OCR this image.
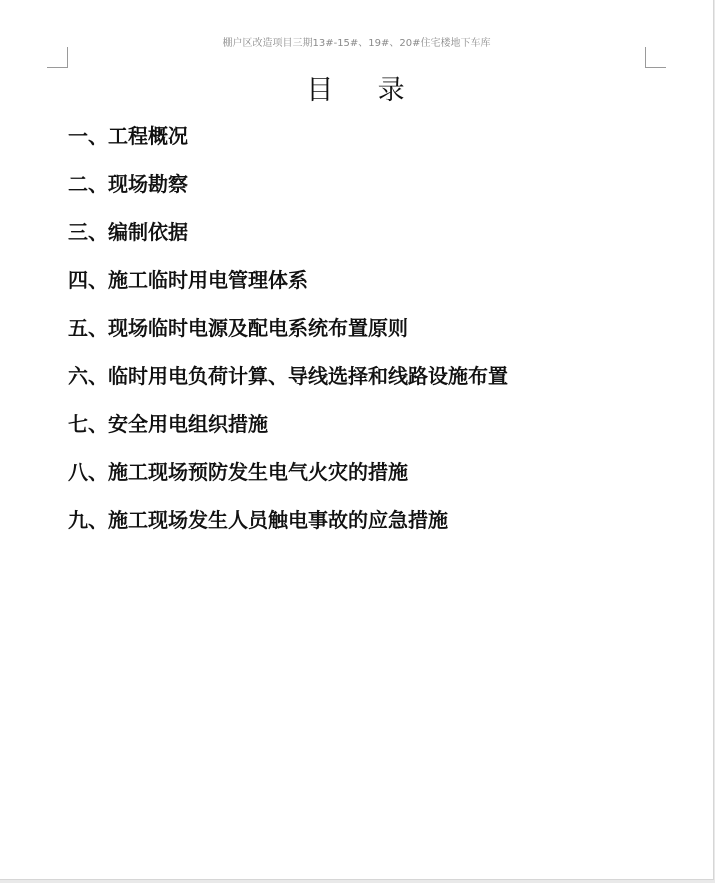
棚户区改造项目三期13#-15#、19#、20#住宅楼地下车库
目    录
一、工程概况
二、现场勘察
三、编制依据
四、施工临时用电管理体系
五、现场临时电源及配电系统布置原则
六、临时用电负荷计算、导线选择和线路设施布置
七、安全用电组织措施
八、施工现场预防发生电气火灾的措施
九、施工现场发生人员触电事故的应急措施
